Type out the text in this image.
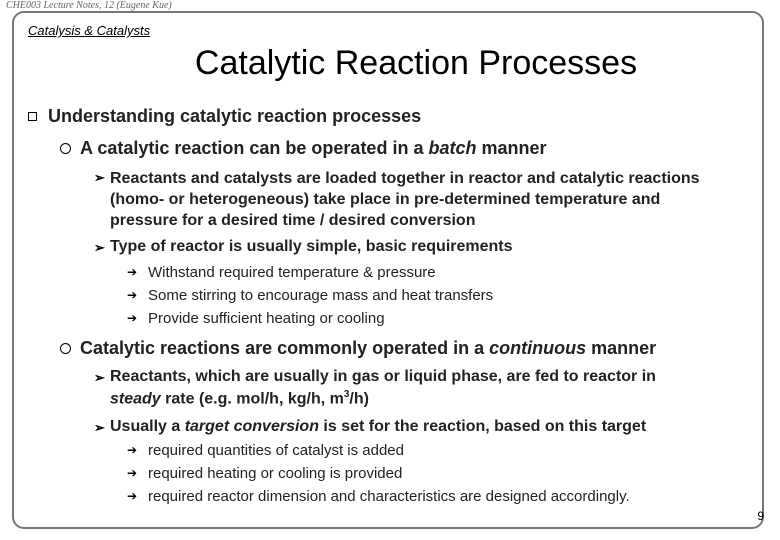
CHE003 Lecture Notes, 12 (Eugene Kue)
Catalysis & Catalysts
Catalytic Reaction Processes
Understanding catalytic reaction processes
A catalytic reaction can be operated in a batch manner
➢ Reactants and catalysts are loaded together in reactor and catalytic reactions (homo- or heterogeneous) take place in pre-determined temperature and pressure for a desired time / desired conversion
➢ Type of reactor is usually simple, basic requirements
➔ Withstand required temperature & pressure
➔ Some stirring to encourage mass and heat transfers
➔ Provide sufficient heating or cooling
Catalytic reactions are commonly operated in a continuous manner
➢ Reactants, which are usually in gas or liquid phase, are fed to reactor in
steady rate (e.g. mol/h, kg/h, $m^3/h$)
➢ Usually a target conversion is set for the reaction, based on this target
➔ required quantities of catalyst is added
➔ required heating or cooling is provided
➔ required reactor dimension and characteristics are designed accordingly.
9
